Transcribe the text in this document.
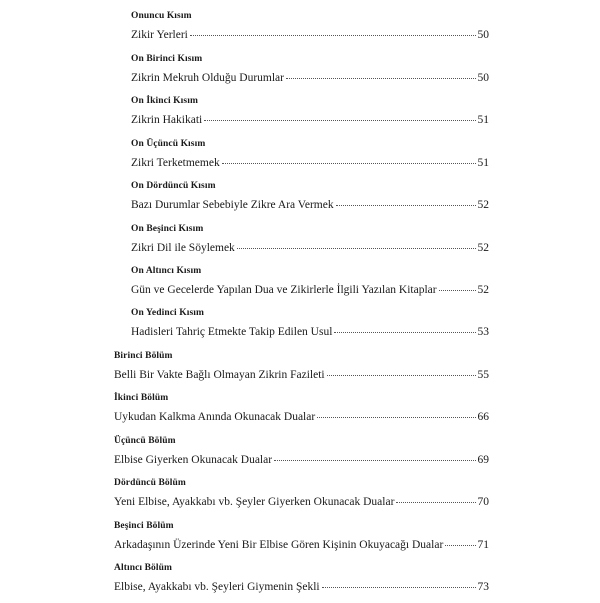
Onuncu Kısım
Zikir Yerleri	50
On Birinci Kısım
Zikrin Mekruh Olduğu Durumlar	50
On İkinci Kısım
Zikrin Hakikati	51
On Üçüncü Kısım
Zikri Terketmemek	51
On Dördüncü Kısım
Bazı Durumlar Sebebiyle Zikre Ara Vermek	52
On Beşinci Kısım
Zikri Dil ile Söylemek	52
On Altıncı Kısım
Gün ve Gecelerde Yapılan Dua ve Zikirlerle İlgili Yazılan Kitaplar	52
On Yedinci Kısım
Hadisleri Tahriç Etmekte Takip Edilen Usul	53
Birinci Bölüm
Belli Bir Vakte Bağlı Olmayan Zikrin Fazileti	55
İkinci Bölüm
Uykudan Kalkma Anında Okunacak Dualar	66
Üçüncü Bölüm
Elbise Giyerken Okunacak Dualar	69
Dördüncü Bölüm
Yeni Elbise, Ayakkabı vb. Şeyler Giyerken Okunacak Dualar	70
Beşinci Bölüm
Arkadaşının Üzerinde Yeni Bir Elbise Gören Kişinin Okuyacağı Dualar	71
Altıncı Bölüm
Elbise, Ayakkabı vb. Şeyleri Giymenin Şekli	73
